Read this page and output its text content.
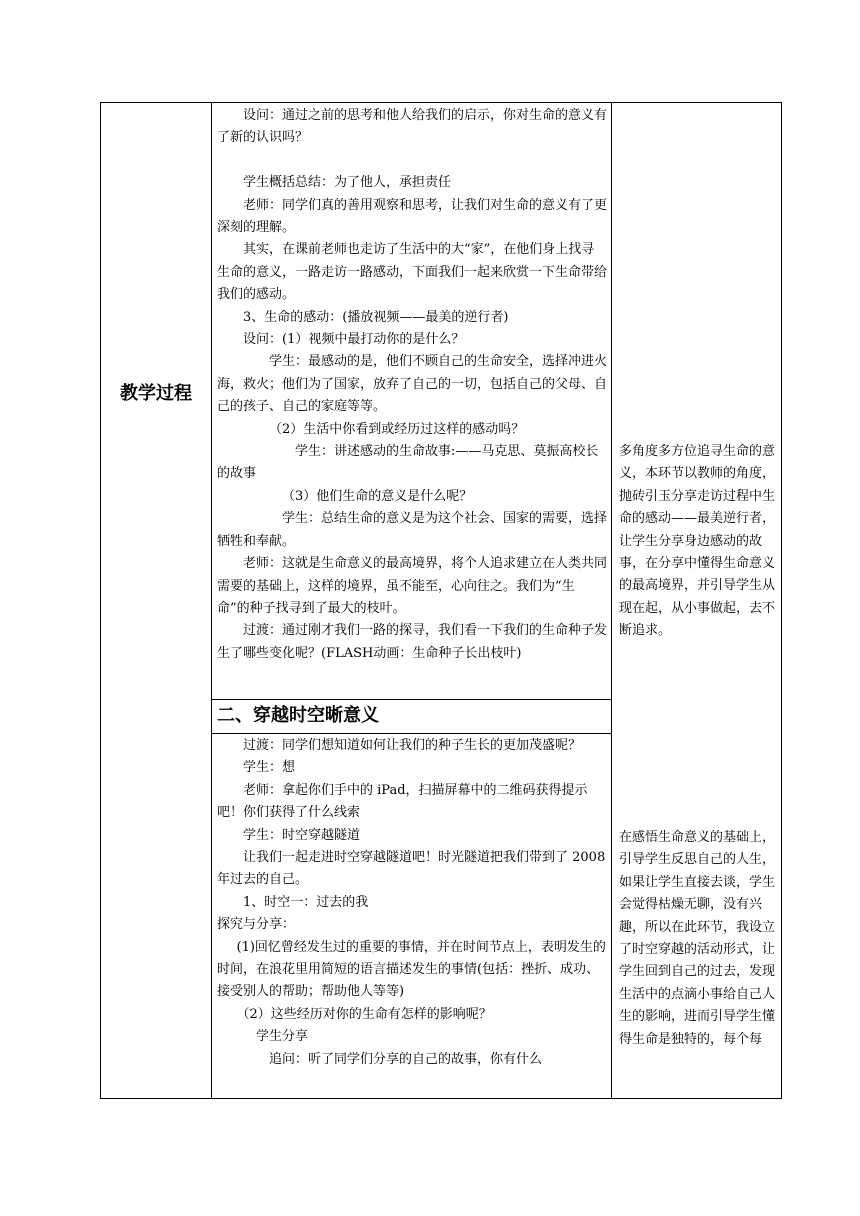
教学过程

设问：通过之前的思考和他人给我们的启示，你对生命的意义有了新的认识吗？

学生概括总结：为了他人，承担责任

老师：同学们真的善用观察和思考，让我们对生命的意义有了更深刻的理解。

其实，在课前老师也走访了生活中的大“家”，在他们身上找寻生命的意义，一路走访一路感动，下面我们一起来欣赏一下生命带给我们的感动。

3、生命的感动：(播放视频——最美的逆行者)

设问：(1）视频中最打动你的是什么？

学生：最感动的是，他们不顾自己的生命安全，选择冲进火海，救火；他们为了国家，放弃了自己的一切，包括自己的父母、自己的孩子、自己的家庭等等。

（2）生活中你看到或经历过这样的感动吗？

学生：讲述感动的生命故事:——马克思、莫振高校长的故事

（3）他们生命的意义是什么呢？

学生：总结生命的意义是为这个社会、国家的需要，选择牺牲和奉献。

老师：这就是生命意义的最高境界，将个人追求建立在人类共同需要的基础上，这样的境界，虽不能至，心向往之。我们为“生命”的种子找寻到了最大的枝叶。

过渡：通过刚才我们一路的探寻，我们看一下我们的生命种子发生了哪些变化呢？(FLASH动画：生命种子长出枝叶)

二、穿越时空晰意义

过渡：同学们想知道如何让我们的种子生长的更加茂盛呢？

学生：想

老师：拿起你们手中的 iPad，扫描屏幕中的二维码获得提示吧！你们获得了什么线索

学生：时空穿越隧道

让我们一起走进时空穿越隧道吧！时光隧道把我们带到了 2008 年过去的自己。

1、时空一：过去的我

探究与分享：

(1)回忆曾经发生过的重要的事情，并在时间节点上，表明发生的时间，在浪花里用简短的语言描述发生的事情(包括：挫折、成功、接受别人的帮助；帮助他人等等)

（2）这些经历对你的生命有怎样的影响呢？

学生分享

追问：听了同学们分享的自己的故事，你有什么

多角度多方位追寻生命的意义，本环节以教师的角度，抛砖引玉分享走访过程中生命的感动——最美逆行者，让学生分享身边感动的故事，在分享中懂得生命意义的最高境界，并引导学生从现在起，从小事做起，去不断追求。
在感悟生命意义的基础上，引导学生反思自己的人生，如果让学生直接去谈，学生会觉得枯燥无聊，没有兴趣，所以在此环节，我设立了时空穿越的活动形式，让学生回到自己的过去，发现生活中的点滴小事给自己人生的影响，进而引导学生懂得生命是独特的，每个每
